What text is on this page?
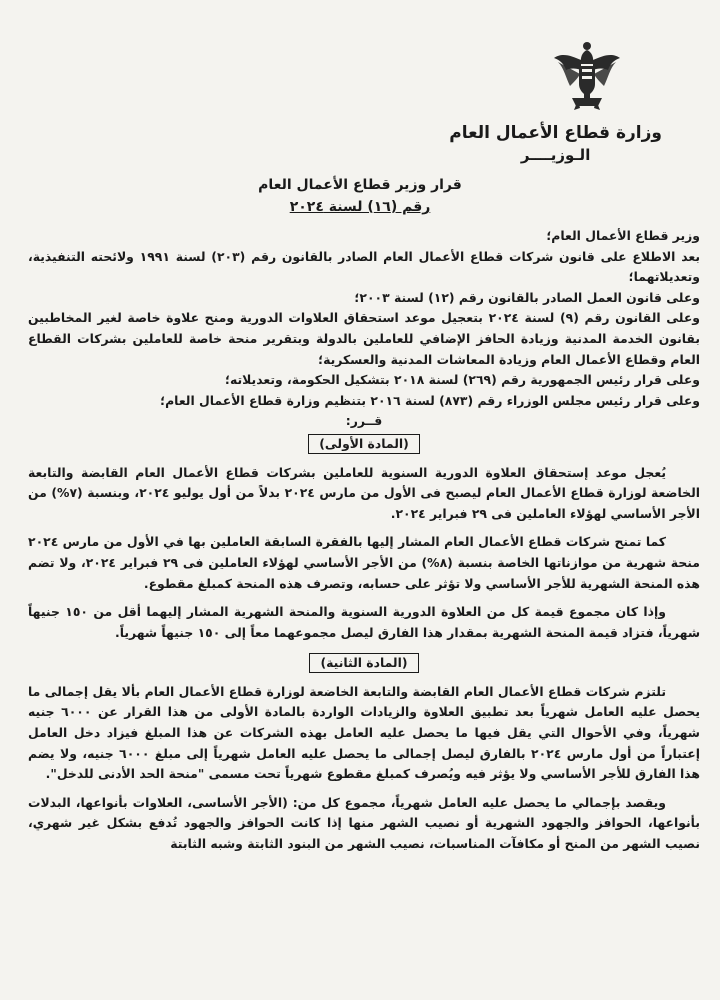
وزارة قطاع الأعمال العام
الـوزيــــر
قرار وزير قطاع الأعمال العام
رقم (١٦) لسنة ٢٠٢٤

وزير قطاع الأعمال العام؛

بعد الاطلاع على قانون شركات قطاع الأعمال العام الصادر بالقانون رقم (٢٠٣) لسنة ١٩٩١ ولائحته التنفيذية، وتعديلاتهما؛

وعلى قانون العمل الصادر بالقانون رقم (١٢) لسنة ٢٠٠٣؛

وعلى القانون رقم (٩) لسنة ٢٠٢٤ بتعجيل موعد استحقاق العلاوات الدورية ومنح علاوة خاصة لغير المخاطبين بقانون الخدمة المدنية وزيادة الحافز الإضافي للعاملين بالدولة وبتقرير منحة خاصة للعاملين بشركات القطاع العام وقطاع الأعمال العام وزيادة المعاشات المدنية والعسكرية؛

وعلى قرار رئيس الجمهورية رقم (٢٦٩) لسنة ٢٠١٨ بتشكيل الحكومة، وتعديلاته؛

وعلى قرار رئيس مجلس الوزراء رقم (٨٧٣) لسنة ٢٠١٦ بتنظيم وزارة قطاع الأعمال العام؛

قــرر:

(المادة الأولى)

يُعجل موعد إستحقاق العلاوة الدورية السنوية للعاملين بشركات قطاع الأعمال العام القابضة والتابعة الخاضعة لوزارة قطاع الأعمال العام ليصبح فى الأول من مارس ٢٠٢٤ بدلاً من أول يوليو ٢٠٢٤، وبنسبة (٧%) من الأجر الأساسي لهؤلاء العاملين فى ٢٩ فبراير ٢٠٢٤.

كما تمنح شركات قطاع الأعمال العام المشار إليها بالفقرة السابقة العاملين بها في الأول من مارس ٢٠٢٤ منحة شهرية من موازناتها الخاصة بنسبة (٨%) من الأجر الأساسي لهؤلاء العاملين فى ٢٩ فبراير ٢٠٢٤، ولا تضم هذه المنحة الشهرية للأجر الأساسي ولا تؤثر على حسابه، وتصرف هذه المنحة كمبلغ مقطوع.

وإذا كان مجموع قيمة كل من العلاوة الدورية السنوية والمنحة الشهرية المشار إليهما أقل من ١٥٠ جنيهاً شهرياً، فتزاد قيمة المنحة الشهرية بمقدار هذا الفارق ليصل مجموعهما معاً إلى ١٥٠ جنيهاً شهرياً.

(المادة الثانية)

تلتزم شركات قطاع الأعمال العام القابضة والتابعة الخاضعة لوزارة قطاع الأعمال العام بألا يقل إجمالى ما يحصل عليه العامل شهرياً بعد تطبيق العلاوة والزيادات الواردة بالمادة الأولى من هذا القرار عن ٦٠٠٠ جنيه شهرياً، وفي الأحوال التي يقل فيها ما يحصل عليه العامل بهذه الشركات عن هذا المبلغ فيزاد دخل العامل إعتباراً من أول مارس ٢٠٢٤ بالفارق ليصل إجمالى ما يحصل عليه العامل شهرياً إلى مبلغ ٦٠٠٠ جنيه، ولا يضم هذا الفارق للأجر الأساسي ولا يؤثر فيه ويُصرف كمبلغ مقطوع شهرياً تحت مسمى "منحة الحد الأدنى للدخل".

ويقصد بإجمالي ما يحصل عليه العامل شهرياً، مجموع كل من: (الأجر الأساسى، العلاوات بأنواعها، البدلات بأنواعها، الحوافز والجهود الشهرية أو نصيب الشهر منها إذا كانت الحوافز والجهود تُدفع بشكل غير شهري، نصيب الشهر من المنح أو مكافآت المناسبات، نصيب الشهر من البنود الثابتة وشبه الثابتة
